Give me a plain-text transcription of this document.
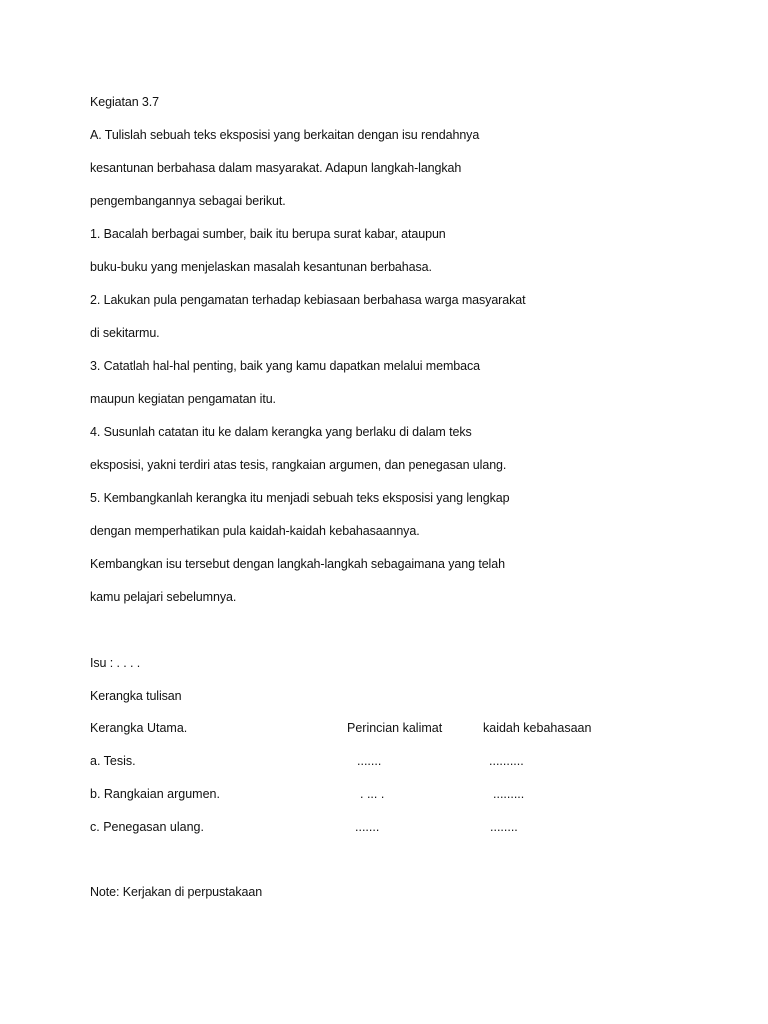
Kegiatan 3.7
A. Tulislah sebuah teks eksposisi yang berkaitan dengan isu rendahnya
kesantunan berbahasa dalam masyarakat. Adapun langkah-langkah
pengembangannya sebagai berikut.
1. Bacalah berbagai sumber, baik itu berupa surat kabar, ataupun
buku-buku yang menjelaskan masalah kesantunan berbahasa.
2. Lakukan pula pengamatan terhadap kebiasaan berbahasa warga masyarakat
di sekitarmu.
3. Catatlah hal-hal penting, baik yang kamu dapatkan melalui membaca
maupun kegiatan pengamatan itu.
4. Susunlah catatan itu ke dalam kerangka yang berlaku di dalam teks
eksposisi, yakni terdiri atas tesis, rangkaian argumen, dan penegasan ulang.
5. Kembangkanlah kerangka itu menjadi sebuah teks eksposisi yang lengkap
dengan memperhatikan pula kaidah-kaidah kebahasaannya.
Kembangkan isu tersebut dengan langkah-langkah sebagaimana yang telah
kamu pelajari sebelumnya.
Isu : . . . .
Kerangka tulisan
Kerangka Utama.	Perincian kalimat	kaidah kebahasaan
a. Tesis.	.......	..........
b. Rangkaian argumen.	. ... .	.........
c. Penegasan ulang.	.......	........
Note: Kerjakan di perpustakaan
